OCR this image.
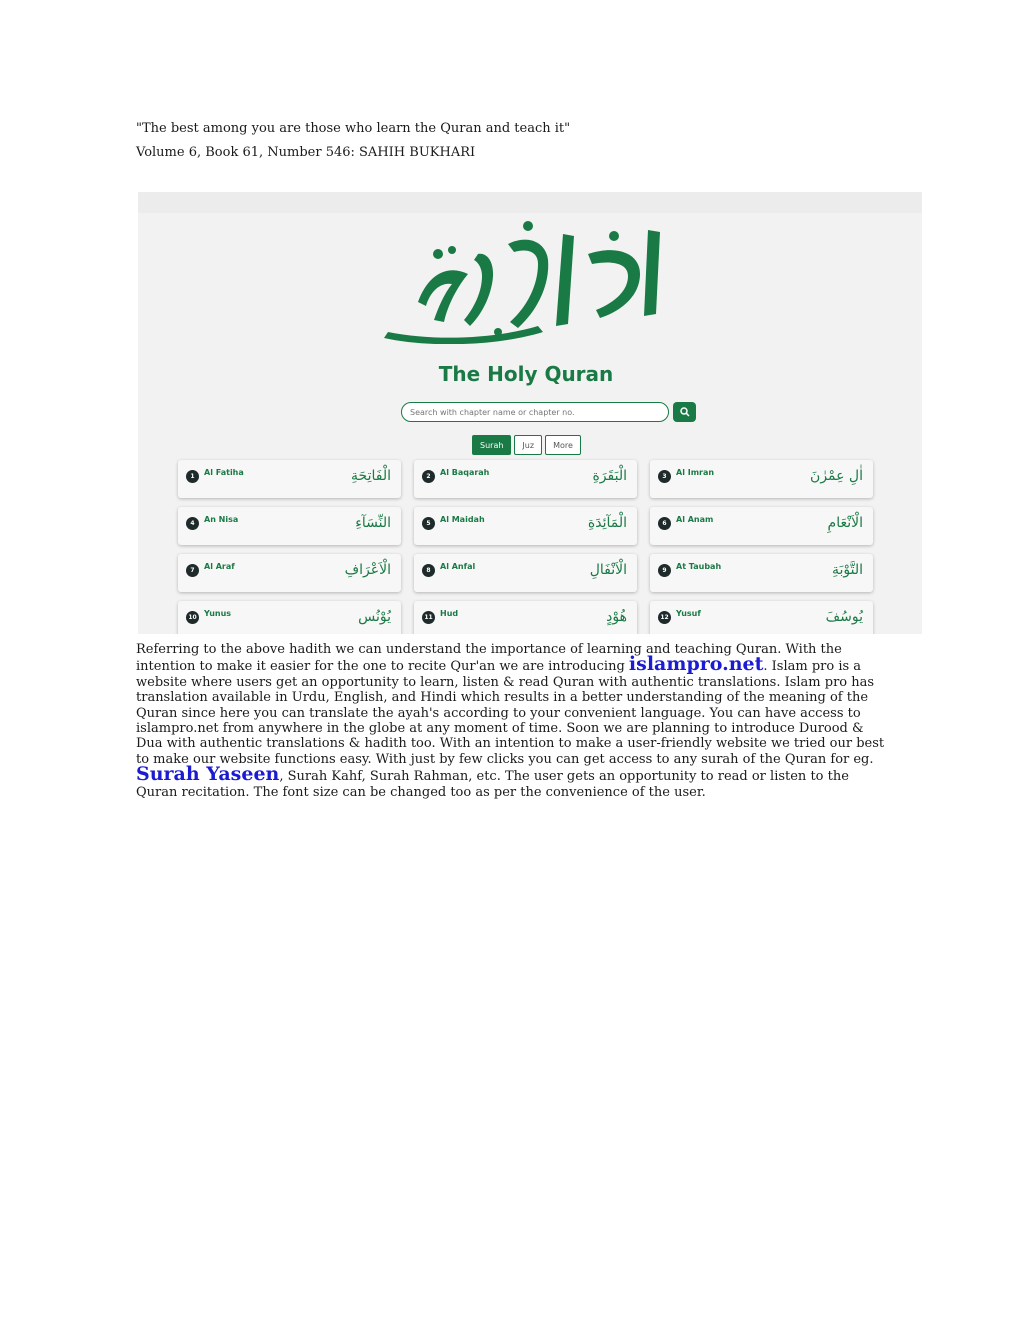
"The best among you are those who learn the Quran and teach it"

Volume 6, Book 61, Number 546: SAHIH BUKHARI

The Holy Quran

Search with chapter name or chapter no.
Surah	Juz	More
1	Al Fatiha	الْفَاتِحَةِ	2	Al Baqarah	الْبَقَرَةِ	3	Al Imran	اٰلِ عِمْرٰنَ
4	An Nisa	النِّسَآءِ	5	Al Maidah	الْمَآئِدَةِ	6	Al Anam	الْاَنْعَامِ
7	Al Araf	الْاَعْرَافِ	8	Al Anfal	الْاَنْفَالِ	9	At Taubah	التَّوْبَةِ
10 Yunus	يُوْنُس	11 Hud	هُوْدٍ	12 Yusuf	يُوسُفَ

Referring to the above hadith we can understand the importance of learning and teaching Quran. With the intention to make it easier for the one to recite Qur'an we are introducing islampro.net. Islam pro is a website where users get an opportunity to learn, listen & read Quran with authentic translations. Islam pro has translation available in Urdu, English, and Hindi which results in a better understanding of the meaning of the Quran since here you can translate the ayah's according to your convenient language. You can have access to islampro.net from anywhere in the globe at any moment of time. Soon we are planning to introduce Durood & Dua with authentic translations & hadith too. With an intention to make a user-friendly website we tried our best to make our website functions easy. With just by few clicks you can get access to any surah of the Quran for eg. Surah Yaseen, Surah Kahf, Surah Rahman, etc. The user gets an opportunity to read or listen to the Quran recitation. The font size can be changed too as per the convenience of the user.
